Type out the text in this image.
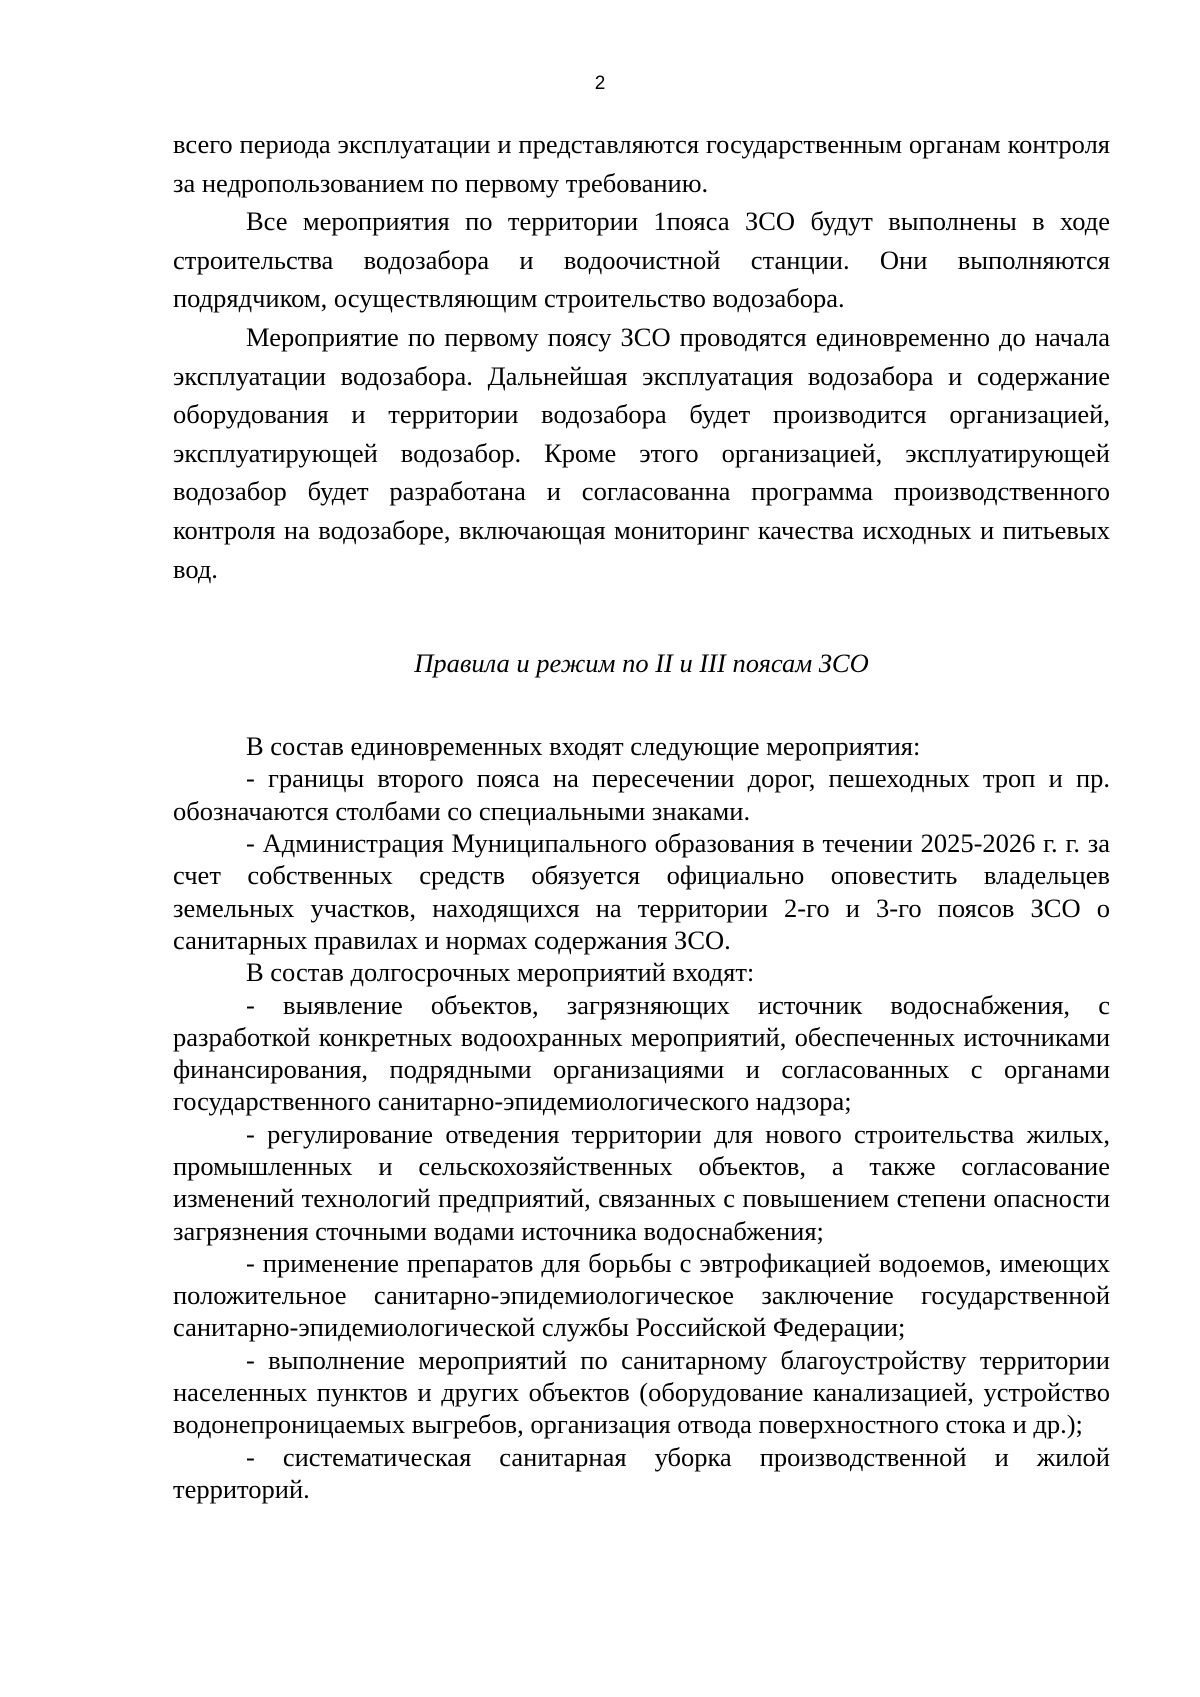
2

всего периода эксплуатации и представляются государственным органам контроля за недропользованием по первому требованию.

Все мероприятия по территории 1пояса ЗСО будут выполнены в ходе строительства водозабора и водоочистной станции. Они выполняются подрядчиком, осуществляющим строительство водозабора.

Мероприятие по первому поясу ЗСО проводятся единовременно до начала эксплуатации водозабора. Дальнейшая эксплуатация водозабора и содержание оборудования и территории водозабора будет производится организацией, эксплуатирующей водозабор. Кроме этого организацией, эксплуатирующей водозабор будет разработана и согласованна программа производственного контроля на водозаборе, включающая мониторинг качества исходных и питьевых вод.

Правила и режим по II и III поясам ЗСО

В состав единовременных входят следующие мероприятия:

- границы второго пояса на пересечении дорог, пешеходных троп и пр. обозначаются столбами со специальными знаками.

- Администрация Муниципального образования в течении 2025-2026 г. г. за счет собственных средств обязуется официально оповестить владельцев земельных участков, находящихся на территории 2-го и 3-го поясов ЗСО о санитарных правилах и нормах содержания ЗСО.

В состав долгосрочных мероприятий входят:

- выявление объектов, загрязняющих источник водоснабжения, с разработкой конкретных водоохранных мероприятий, обеспеченных источниками финансирования, подрядными организациями и согласованных с органами государственного санитарно-эпидемиологического надзора;

- регулирование отведения территории для нового строительства жилых, промышленных и сельскохозяйственных объектов, а также согласование изменений технологий предприятий, связанных с повышением степени опасности загрязнения сточными водами источника водоснабжения;

- применение препаратов для борьбы с эвтрофикацией водоемов, имеющих положительное санитарно-эпидемиологическое заключение государственной санитарно-эпидемиологической службы Российской Федерации;

- выполнение мероприятий по санитарному благоустройству территории населенных пунктов и других объектов (оборудование канализацией, устройство водонепроницаемых выгребов, организация отвода поверхностного стока и др.);

- систематическая санитарная уборка производственной и жилой территорий.
